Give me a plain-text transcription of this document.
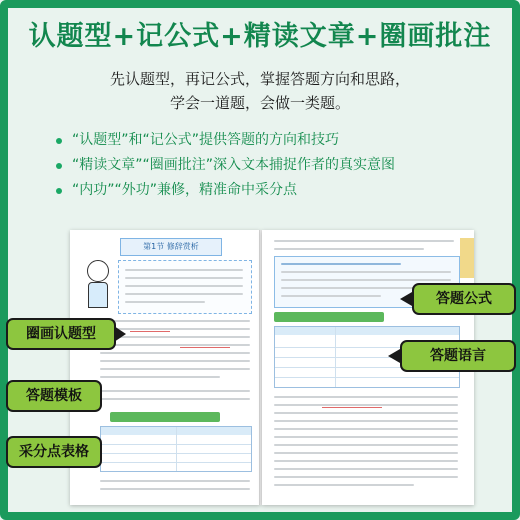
认题型+记公式+精读文章+圈画批注
先认题型，再记公式，掌握答题方向和思路，
学会一道题，会做一类题。
“认题型”和“记公式”提供答题的方向和技巧
“精读文章”“圈画批注”深入文本捕捉作者的真实意图
“内功”“外功”兼修，精准命中采分点
第1节 修辞赏析
圈画认题型
答题模板
采分点表格
答题公式
答题语言
